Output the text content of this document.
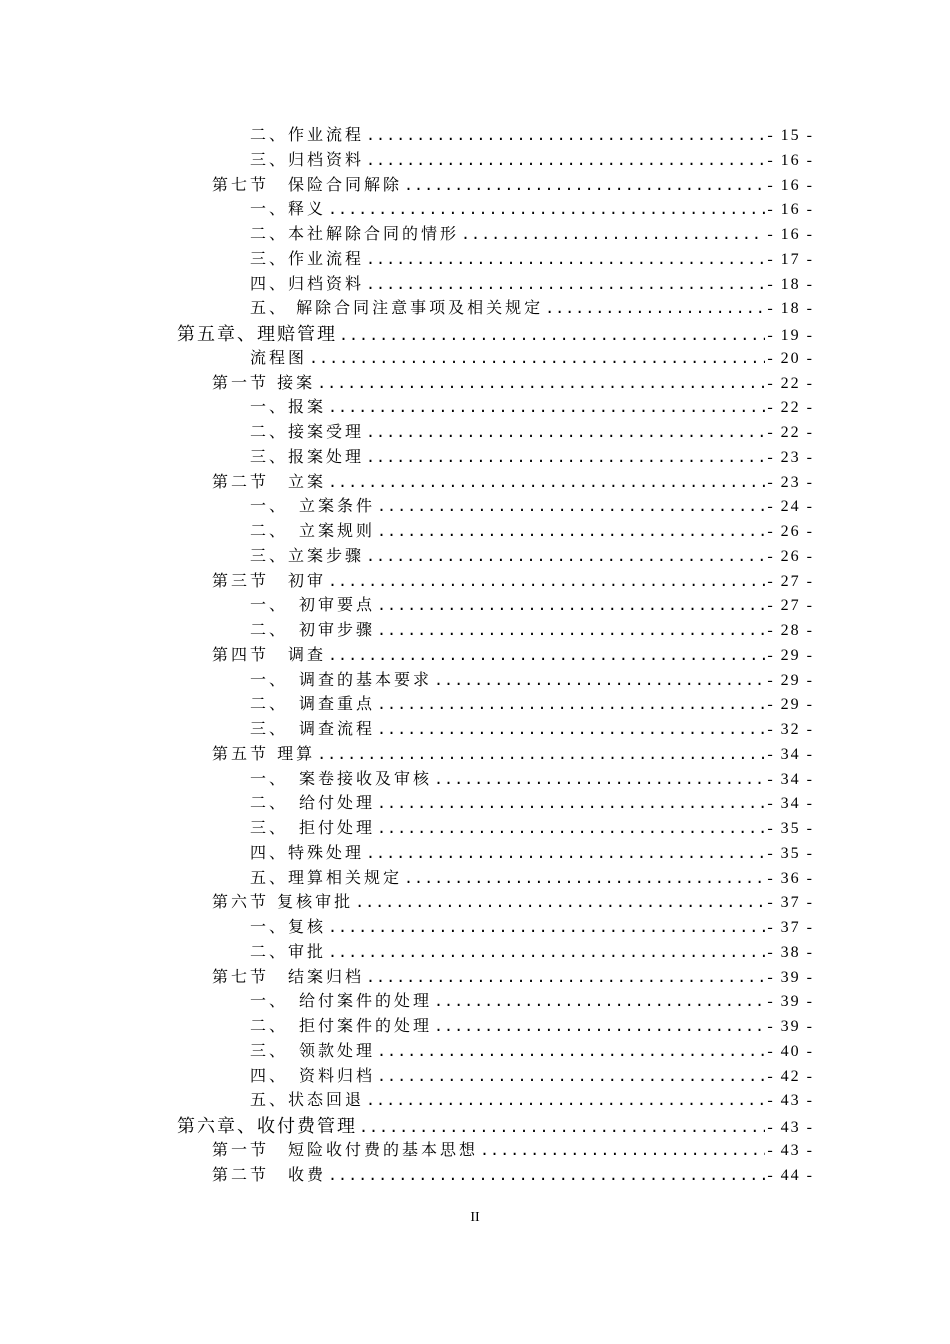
二、作业流程 .....	- 15 -
三、归档资料 .....	- 16 -
第七节　保险合同解除 .....	- 16 -
一、释义 .....	- 16 -
二、本社解除合同的情形 .....	- 16 -
三、作业流程 .....	- 17 -
四、归档资料 .....	- 18 -
五、 解除合同注意事项及相关规定 .....	- 18 -
第五章、理赔管理 .....	- 19 -
流程图 .....	- 20 -
第一节 接案 .....	- 22 -
一、报案 .....	- 22 -
二、接案受理 .....	- 22 -
三、报案处理 .....	- 23 -
第二节　立案 .....	- 23 -
一、　立案条件 .....	- 24 -
二、　立案规则 .....	- 26 -
三、立案步骤 .....	- 26 -
第三节　初审 .....	- 27 -
一、　初审要点 .....	- 27 -
二、　初审步骤 .....	- 28 -
第四节　调查 .....	- 29 -
一、　调查的基本要求 .....	- 29 -
二、　调查重点 .....	- 29 -
三、　调查流程 .....	- 32 -
第五节 理算 .....	- 34 -
一、　案卷接收及审核 .....	- 34 -
二、　给付处理 .....	- 34 -
三、　拒付处理 .....	- 35 -
四、特殊处理 .....	- 35 -
五、理算相关规定 .....	- 36 -
第六节 复核审批 .....	- 37 -
一、复核 .....	- 37 -
二、审批 .....	- 38 -
第七节　结案归档 .....	- 39 -
一、　给付案件的处理 .....	- 39 -
二、　拒付案件的处理 .....	- 39 -
三、　领款处理 .....	- 40 -
四、　资料归档 .....	- 42 -
五、状态回退 .....	- 43 -
第六章、收付费管理 .....	- 43 -
第一节　短险收付费的基本思想 .....	- 43 -
第二节　收费 .....	- 44 -
II
